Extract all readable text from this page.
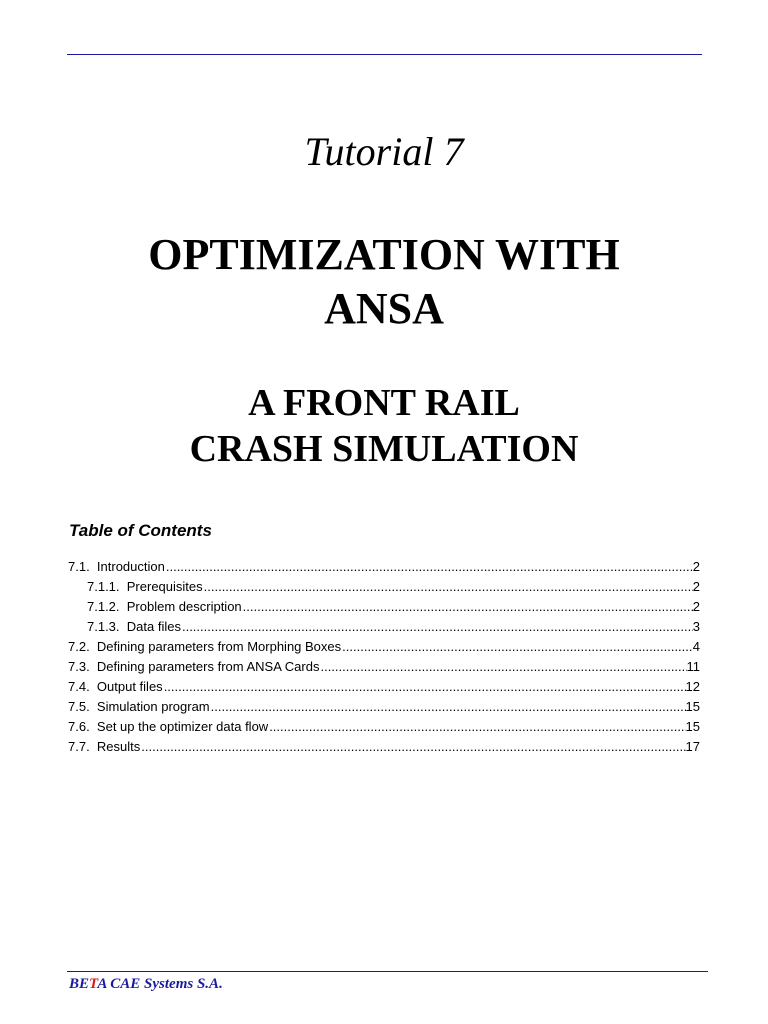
Tutorial 7
OPTIMIZATION WITH
ANSA
A FRONT RAIL
CRASH SIMULATION
Table of Contents
7.1. Introduction .....	2
7.1.1. Prerequisites .....	2
7.1.2. Problem description .....	2
7.1.3. Data files .....	3
7.2. Defining parameters from Morphing Boxes .....	4
7.3. Defining parameters from ANSA Cards .....	11
7.4. Output files .....	12
7.5. Simulation program .....	15
7.6. Set up the optimizer data flow .....	15
7.7. Results .....	17
BETA CAE Systems S.A.
